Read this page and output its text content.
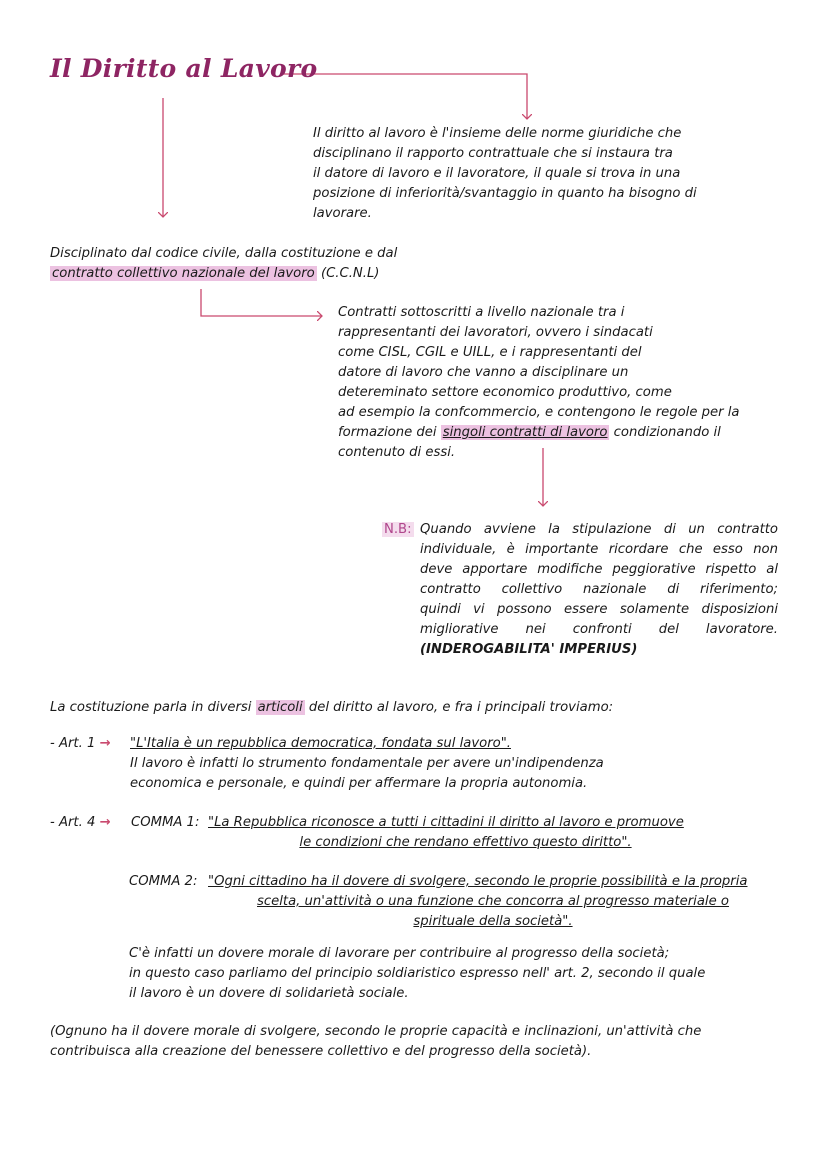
Il Diritto al Lavoro
Il diritto al lavoro è l'insieme delle norme giuridiche che
disciplinano il rapporto contrattuale che si instaura tra
il datore di lavoro e il lavoratore, il quale si trova in una
posizione di inferiorità/svantaggio in quanto ha bisogno di
lavorare.
Disciplinato dal codice civile, dalla costituzione e dal
contratto collettivo nazionale del lavoro (C.C.N.L)
Contratti sottoscritti a livello nazionale tra i
rappresentanti dei lavoratori, ovvero i sindacati
come CISL, CGIL e UILL, e i rappresentanti del
datore di lavoro che vanno a disciplinare un
detereminato settore economico produttivo, come
ad esempio la confcommercio, e contengono le regole per la
formazione dei singoli contratti di lavoro condizionando il
contenuto di essi.
N.B: Quando avviene la stipulazione di un contratto
individuale, è importante ricordare che esso non
deve apportare modifiche peggiorative rispetto al
contratto collettivo nazionale di riferimento;
quindi vi possono essere solamente disposizioni
migliorative nei confronti del lavoratore.
(INDEROGABILITA' IMPERIUS)
La costituzione parla in diversi articoli del diritto al lavoro, e fra i principali troviamo:
- Art. 1 → "L'Italia è un repubblica democratica, fondata sul lavoro".
Il lavoro è infatti lo strumento fondamentale per avere un'indipendenza
economica e personale, e quindi per affermare la propria autonomia.
- Art. 4 → COMMA 1: "La Repubblica riconosce a tutti i cittadini il diritto al lavoro e promuove
le condizioni che rendano effettivo questo diritto".
COMMA 2: "Ogni cittadino ha il dovere di svolgere, secondo le proprie possibilità e la propria
scelta, un'attività o una funzione che concorra al progresso materiale o
spirituale della società".
C'è infatti un dovere morale di lavorare per contribuire al progresso della società;
in questo caso parliamo del principio soldiaristico espresso nell' art. 2, secondo il quale
il lavoro è un dovere di solidarietà sociale.
(Ognuno ha il dovere morale di svolgere, secondo le proprie capacità e inclinazioni, un'attività che
contribuisca alla creazione del benessere collettivo e del progresso della società).
